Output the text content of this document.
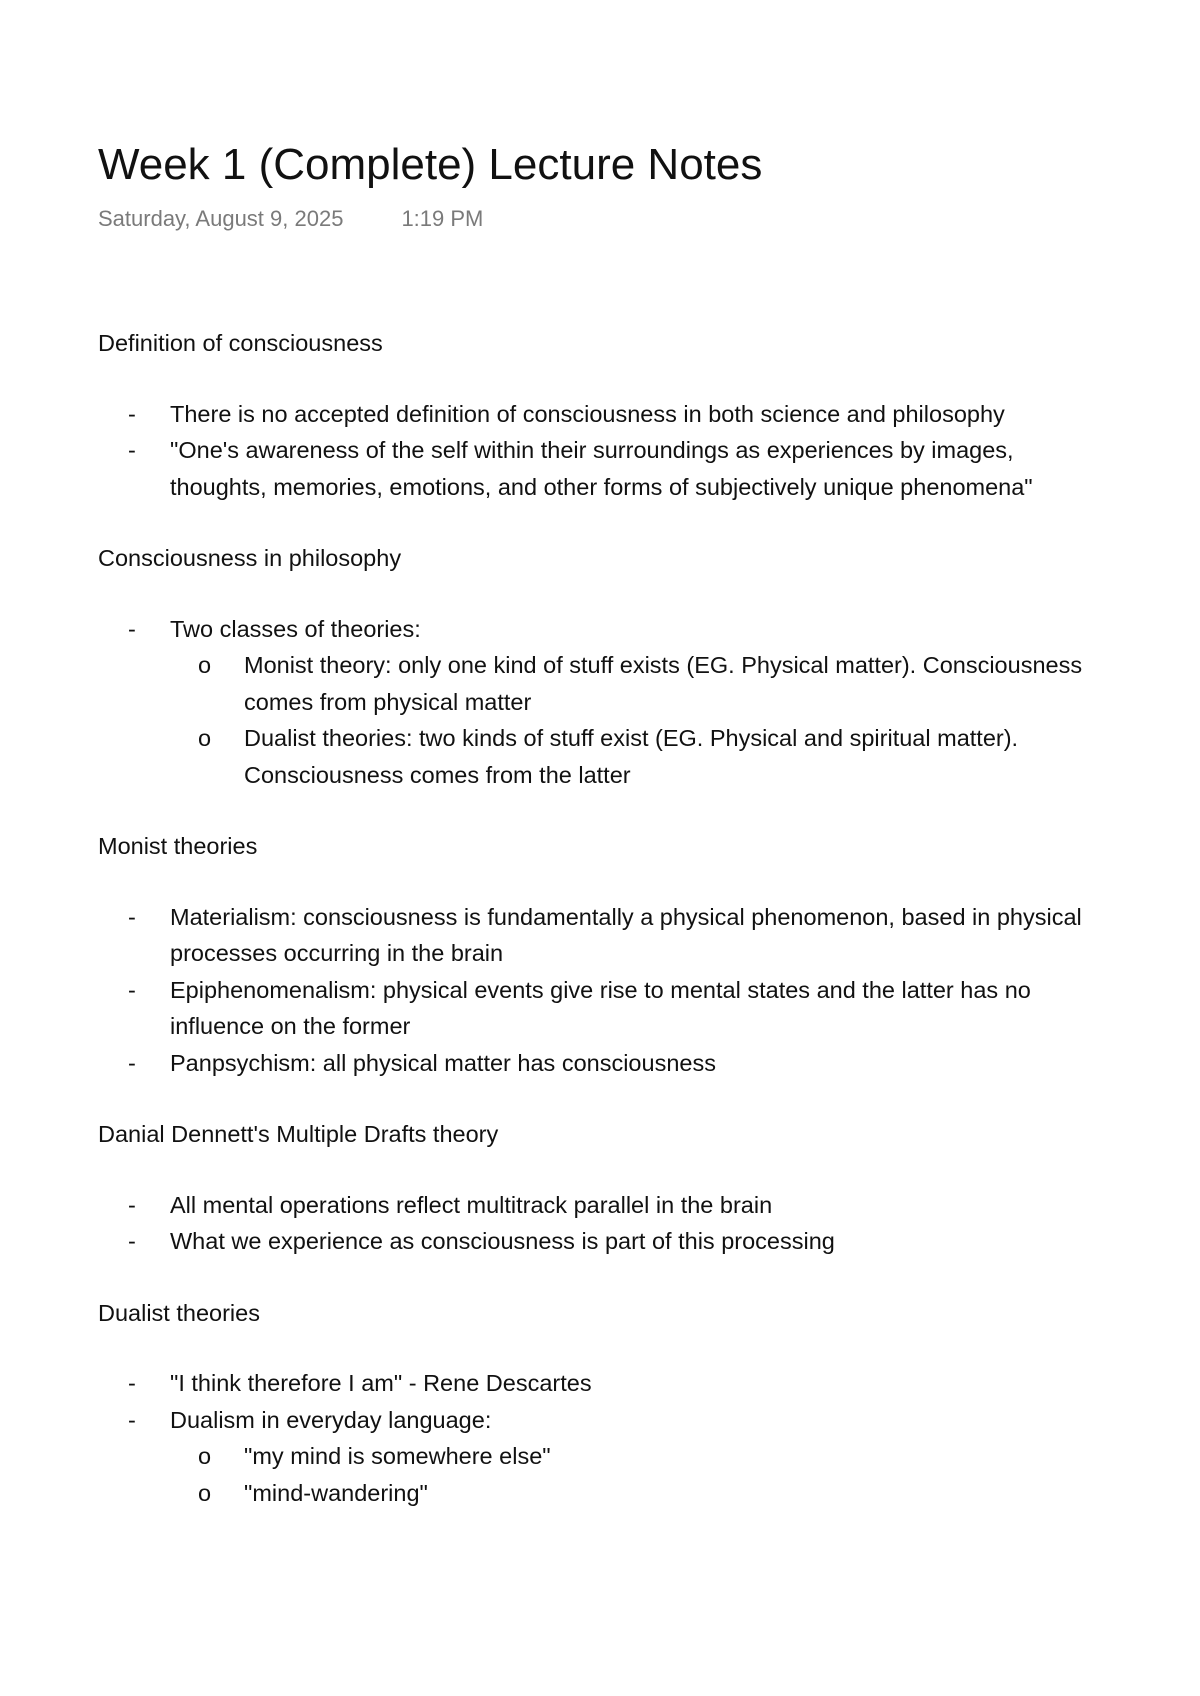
Week 1 (Complete) Lecture Notes
Saturday, August 9, 2025	1:19 PM
Definition of consciousness
-	There is no accepted definition of consciousness in both science and philosophy
-	"One's awareness of the self within their surroundings as experiences by images, thoughts, memories, emotions, and other forms of subjectively unique phenomena"
Consciousness in philosophy
-	Two classes of theories:
o Monist theory: only one kind of stuff exists (EG. Physical matter). Consciousness comes from physical matter
o Dualist theories: two kinds of stuff exist (EG. Physical and spiritual matter). Consciousness comes from the latter
Monist theories
-	Materialism: consciousness is fundamentally a physical phenomenon, based in physical processes occurring in the brain
-	Epiphenomenalism: physical events give rise to mental states and the latter has no influence on the former
-	Panpsychism: all physical matter has consciousness
Danial Dennett's Multiple Drafts theory
-	All mental operations reflect multitrack parallel in the brain
-	What we experience as consciousness is part of this processing
Dualist theories
-	"I think therefore I am" - Rene Descartes
-	Dualism in everyday language:
o "my mind is somewhere else"
o "mind-wandering"
